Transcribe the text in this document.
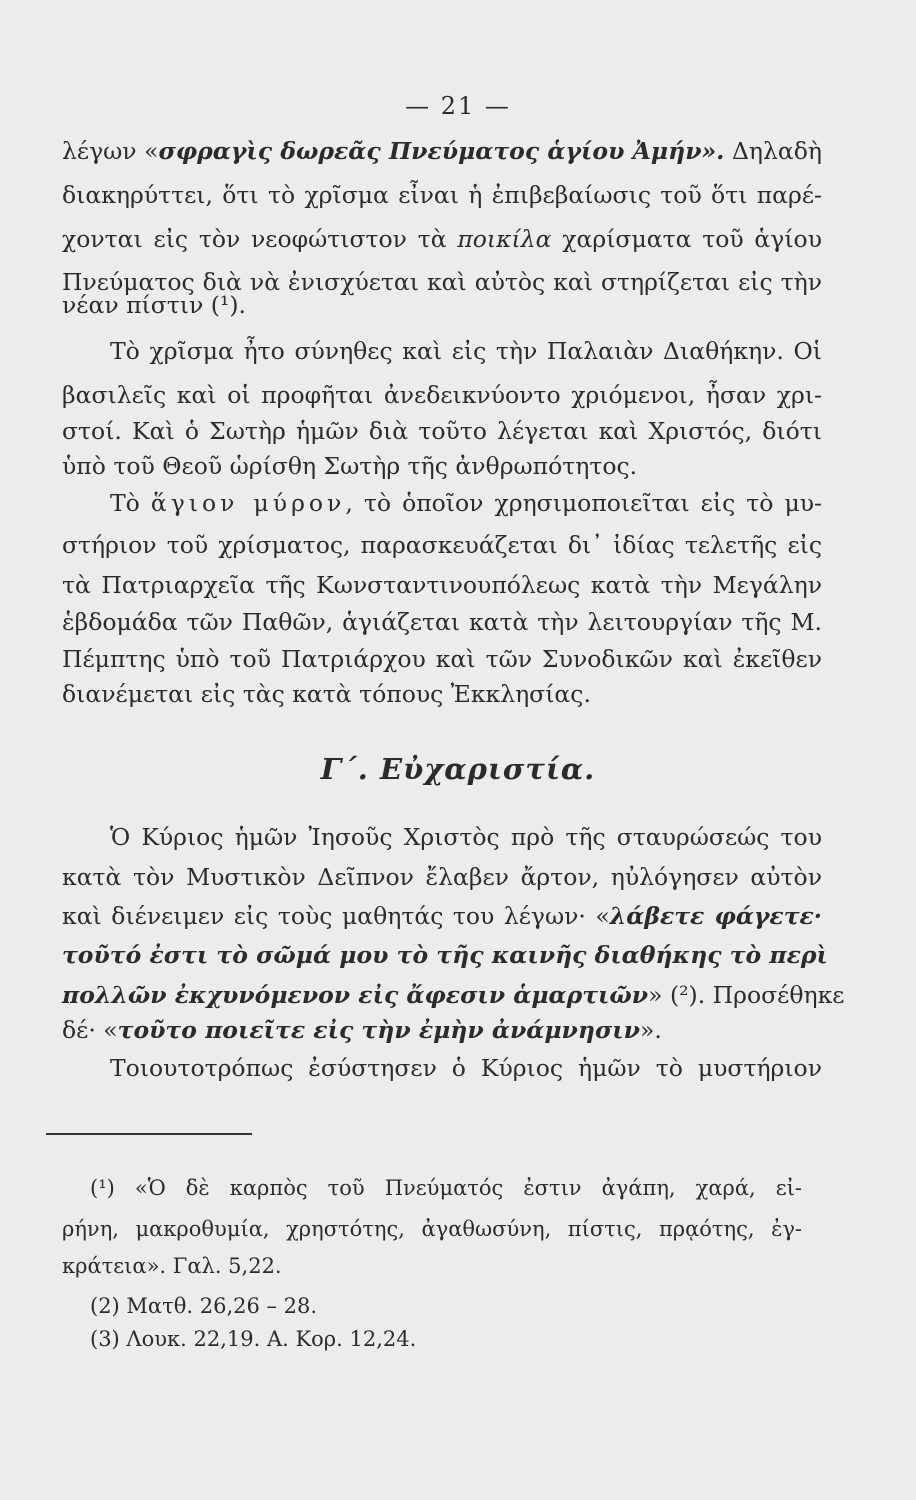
— 21 —
λέγων «σφραγὶς δωρεᾶς Πνεύματος ἁγίου Ἀμήν». Δηλαδὴ
διακηρύττει, ὅτι τὸ χρῖσμα εἶναι ἡ ἐπιβεβαίωσις τοῦ ὅτι παρέ-
χονται εἰς τὸν νεοφώτιστον τὰ ποικίλα χαρίσματα τοῦ ἁγίου
Πνεύματος διὰ νὰ ἐνισχύεται καὶ αὐτὸς καὶ στηρίζεται εἰς τὴν
νέαν πίστιν (¹).
Τὸ χρῖσμα ἦτο σύνηθες καὶ εἰς τὴν Παλαιὰν Διαθήκην. Οἱ
βασιλεῖς καὶ οἱ προφῆται ἀνεδεικνύοντο χριόμενοι, ἦσαν χρι-
στοί. Καὶ ὁ Σωτὴρ ἡμῶν διὰ τοῦτο λέγεται καὶ Χριστός, διότι
ὑπὸ τοῦ Θεοῦ ὡρίσθη Σωτὴρ τῆς ἀνθρωπότητος.
Τὸ ἅγιον μύρον, τὸ ὁποῖον χρησιμοποιεῖται εἰς τὸ μυ-
στήριον τοῦ χρίσματος, παρασκευάζεται δι᾽ ἰδίας τελετῆς εἰς
τὰ Πατριαρχεῖα τῆς Κωνσταντινουπόλεως κατὰ τὴν Μεγάλην
ἑβδομάδα τῶν Παθῶν, ἁγιάζεται κατὰ τὴν λειτουργίαν τῆς Μ.
Πέμπτης ὑπὸ τοῦ Πατριάρχου καὶ τῶν Συνοδικῶν καὶ ἐκεῖθεν
διανέμεται εἰς τὰς κατὰ τόπους Ἐκκλησίας.
Γ΄. Εὐχαριστία.
Ὁ Κύριος ἡμῶν Ἰησοῦς Χριστὸς πρὸ τῆς σταυρώσεώς του
κατὰ τὸν Μυστικὸν Δεῖπνον ἔλαβεν ἄρτον, ηὐλόγησεν αὐτὸν
καὶ διένειμεν εἰς τοὺς μαθητάς του λέγων· «λάβετε φάγετε·
τοῦτό ἐστι τὸ σῶμά μου τὸ τῆς καινῆς διαθήκης τὸ περὶ
πολλῶν ἐκχυνόμενον εἰς ἄφεσιν ἁμαρτιῶν» (²). Προσέθηκε
δέ· «τοῦτο ποιεῖτε εἰς τὴν ἐμὴν ἀνάμνησιν».
Τοιουτοτρόπως ἐσύστησεν ὁ Κύριος ἡμῶν τὸ μυστήριον
(¹) «Ὁ δὲ καρπὸς τοῦ Πνεύματός ἐστιν ἀγάπη, χαρά, εἰ-
ρήνη, μακροθυμία, χρηστότης, ἀγαθωσύνη, πίστις, πρᾳότης, ἐγ-
κράτεια». Γαλ. 5,22.
(2) Ματθ. 26,26 – 28.
(3) Λουκ. 22,19. Α. Κορ. 12,24.
